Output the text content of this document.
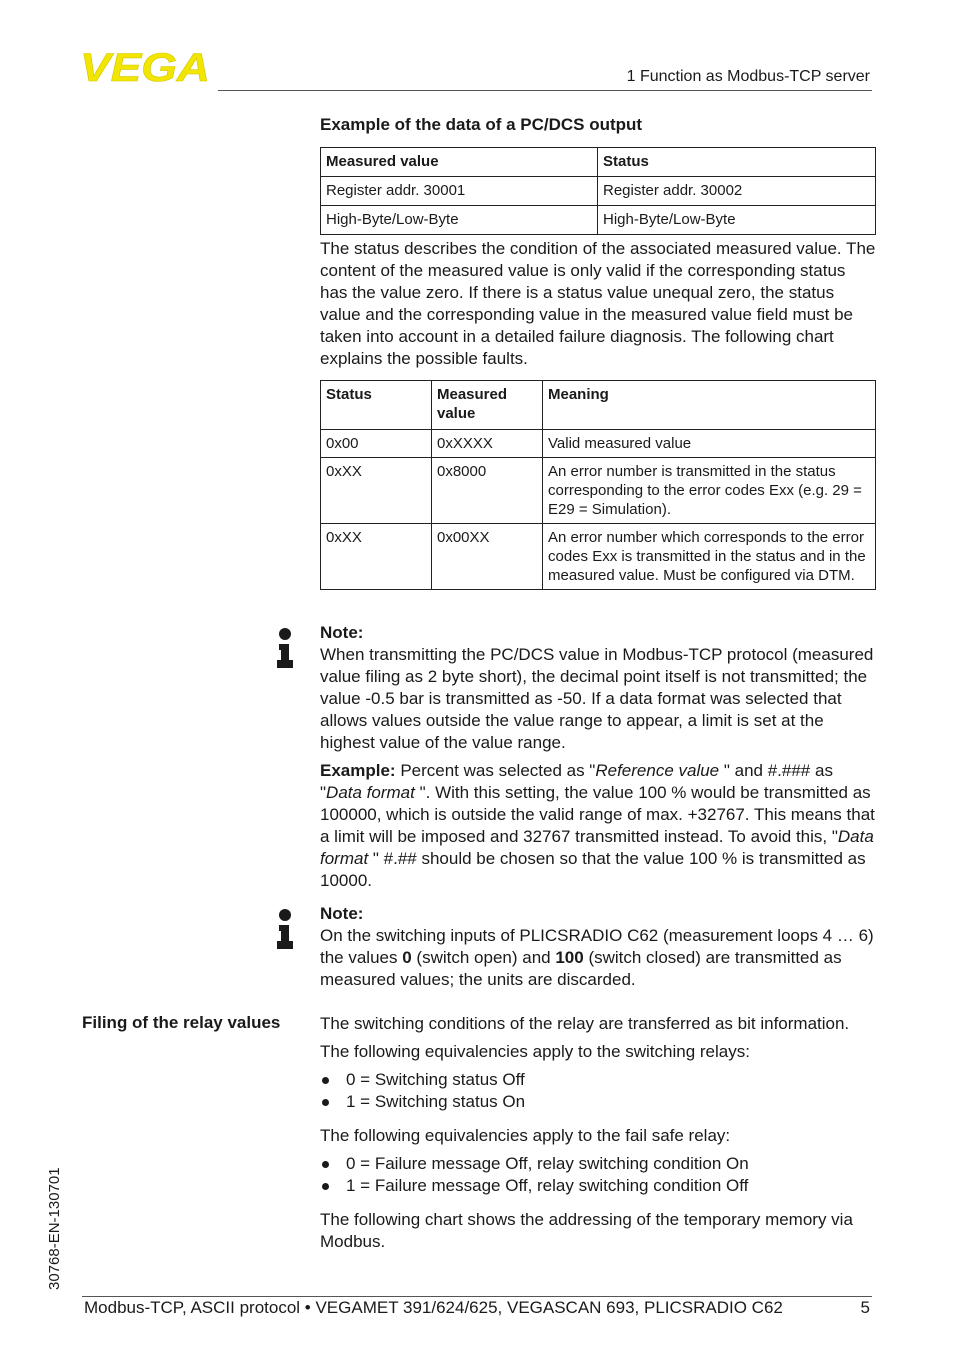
VEGA	1 Function as Modbus-TCP server
Example of the data of a PC/DCS output
Measured value	Status
Register addr. 30001	Register addr. 30002
High-Byte/Low-Byte	High-Byte/Low-Byte

The status describes the condition of the associated measured value. The content of the measured value is only valid if the corresponding status has the value zero. If there is a status value unequal zero, the status value and the corresponding value in the measured value field must be taken into account in a detailed failure diagnosis. The following chart explains the possible faults.

Status	Measured value	Meaning
0x00	0xXXXX	Valid measured value
0xXX	0x8000	An error number is transmitted in the status corresponding to the error codes Exx (e.g. 29 = E29 = Simulation).
0xXX	0x00XX	An error number which corresponds to the error codes Exx is transmitted in the status and in the measured value. Must be configured via DTM.

Note:

When transmitting the PC/DCS value in Modbus-TCP protocol (measured value filing as 2 byte short), the decimal point itself is not transmitted; the value -0.5 bar is transmitted as -50. If a data format was selected that allows values outside the value range to appear, a limit is set at the highest value of the value range.

Example: Percent was selected as "Reference value " and #.### as "Data format ". With this setting, the value 100 % would be transmitted as 100000, which is outside the valid range of max. +32767. This means that a limit will be imposed and 32767 transmitted instead. To avoid this, "Data format " #.## should be chosen so that the value 100 % is transmitted as 10000.

Note:

On the switching inputs of PLICSRADIO C62 (measurement loops 4 … 6) the values 0 (switch open) and 100 (switch closed) are transmitted as measured values; the units are discarded.

Filing of the relay values The switching conditions of the relay are transferred as bit information.

The following equivalencies apply to the switching relays:

0 = Switching status Off
1 = Switching status On

The following equivalencies apply to the fail safe relay:

0 = Failure message Off, relay switching condition On
1 = Failure message Off, relay switching condition Off

The following chart shows the addressing of the temporary memory via Modbus.

30768-EN-130701
Modbus-TCP, ASCII protocol • VEGAMET 391/624/625, VEGASCAN 693, PLICSRADIO C62	5
